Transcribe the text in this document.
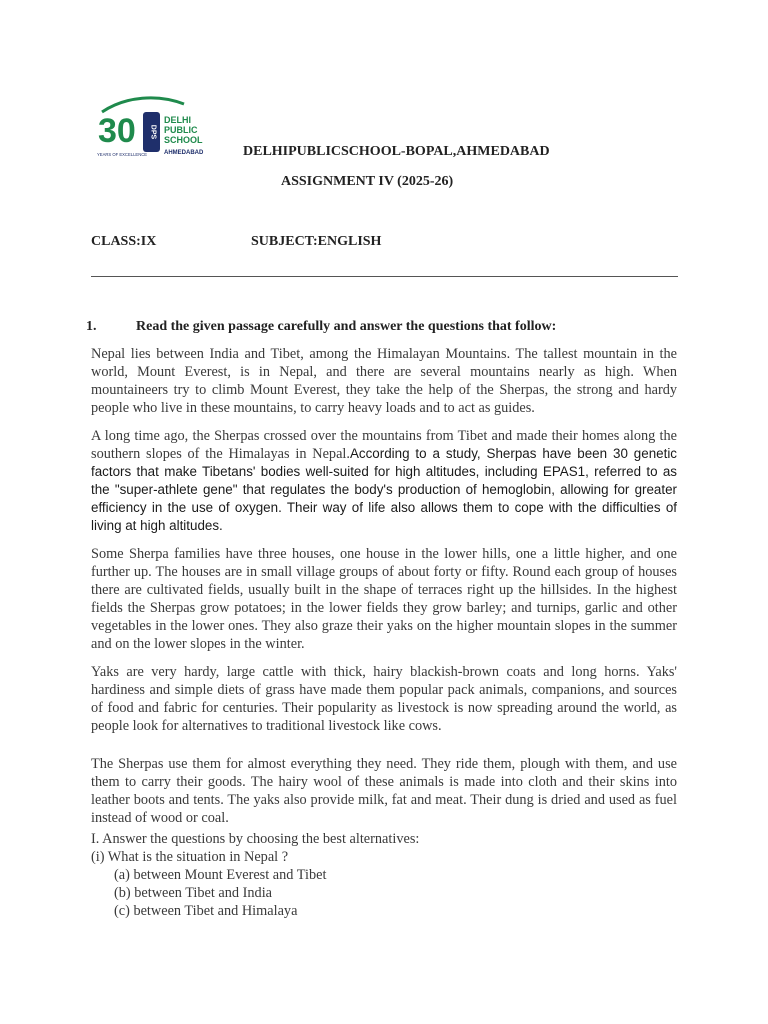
30 DPS
YEARS OF EXCELLENCE
DELHI
PUBLIC
SCHOOL
AHMEDABAD	DELHIPUBLICSCHOOL-BOPAL,AHMEDABAD
ASSIGNMENT IV (2025-26)
CLASS:IX	SUBJECT:ENGLISH
1.	Read the given passage carefully and answer the questions that follow:

Nepal lies between India and Tibet, among the Himalayan Mountains. The tallest mountain in the world, Mount Everest, is in Nepal, and there are several mountains nearly as high. When mountaineers try to climb Mount Everest, they take the help of the Sherpas, the strong and hardy people who live in these mountains, to carry heavy loads and to act as guides.

A long time ago, the Sherpas crossed over the mountains from Tibet and made their homes along the southern slopes of the Himalayas in Nepal.According to a study, Sherpas have been 30 genetic factors that make Tibetans' bodies well-suited for high altitudes, including EPAS1, referred to as the "super-athlete gene" that regulates the body's production of hemoglobin, allowing for greater efficiency in the use of oxygen. Their way of life also allows them to cope with the difficulties of living at high altitudes.

Some Sherpa families have three houses, one house in the lower hills, one a little higher, and one further up. The houses are in small village groups of about forty or fifty. Round each group of houses there are cultivated fields, usually built in the shape of terraces right up the hillsides. In the highest fields the Sherpas grow potatoes; in the lower fields they grow barley; and turnips, garlic and other vegetables in the lower ones. They also graze their yaks on the higher mountain slopes in the summer and on the lower slopes in the winter.

Yaks are very hardy, large cattle with thick, hairy blackish-brown coats and long horns. Yaks' hardiness and simple diets of grass have made them popular pack animals, companions, and sources of food and fabric for centuries. Their popularity as livestock is now spreading around the world, as people look for alternatives to traditional livestock like cows.

The Sherpas use them for almost everything they need. They ride them, plough with them, and use them to carry their goods. The hairy wool of these animals is made into cloth and their skins into leather boots and tents. The yaks also provide milk, fat and meat. Their dung is dried and used as fuel instead of wood or coal.

I. Answer the questions by choosing the best alternatives:
(i) What is the situation in Nepal ?
(a) between Mount Everest and Tibet
(b) between Tibet and India
(c) between Tibet and Himalaya
